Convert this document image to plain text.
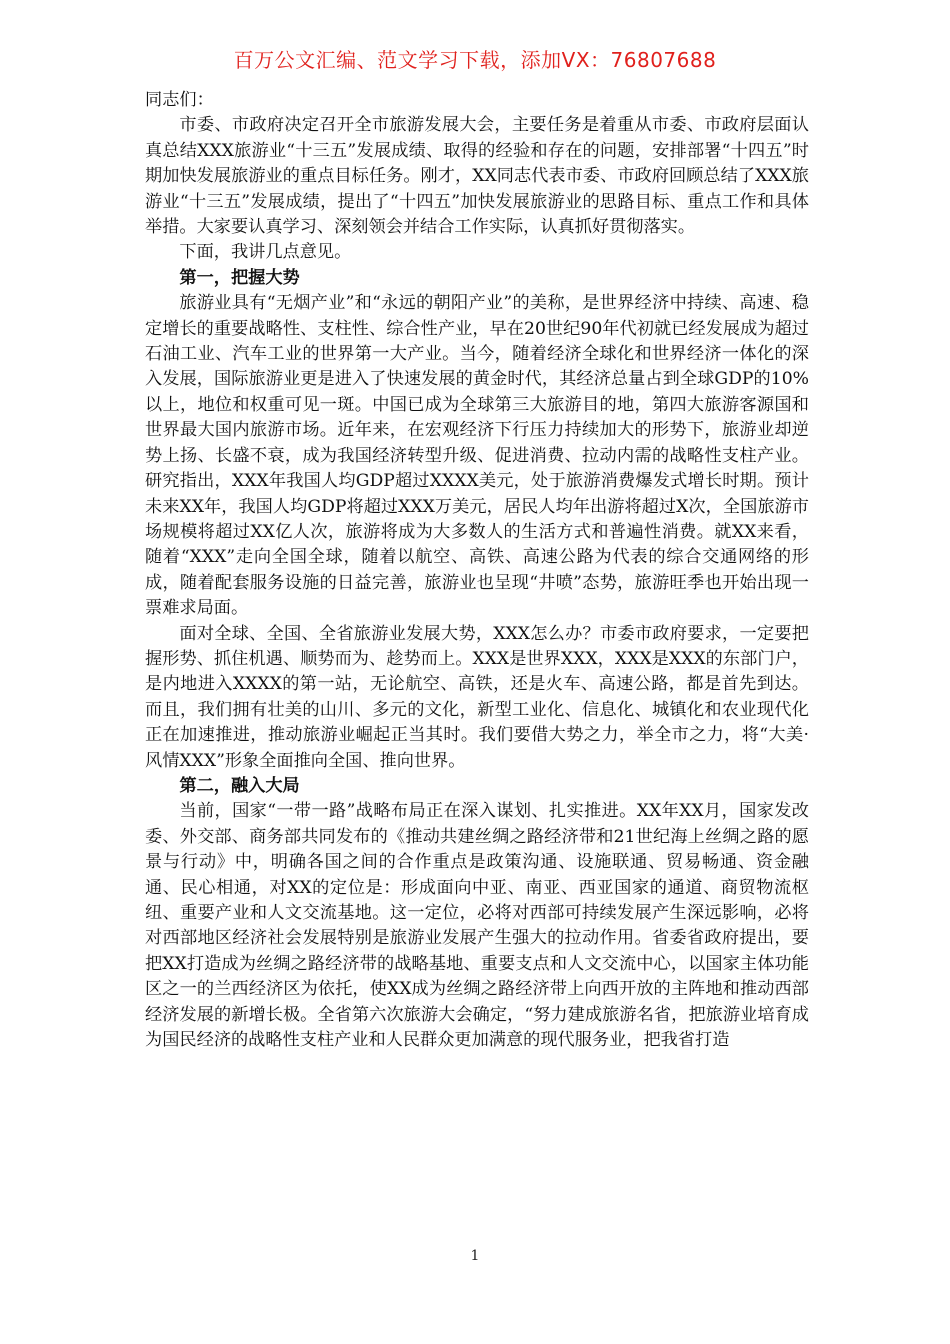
百万公文汇编、范文学习下载，添加VX：76807688

同志们：

市委、市政府决定召开全市旅游发展大会，主要任务是着重从市委、市政府层面认真总结XXX旅游业“十三五”发展成绩、取得的经验和存在的问题，安排部署“十四五”时期加快发展旅游业的重点目标任务。刚才，XX同志代表市委、市政府回顾总结了XXX旅游业“十三五”发展成绩，提出了“十四五”加快发展旅游业的思路目标、重点工作和具体举措。大家要认真学习、深刻领会并结合工作实际，认真抓好贯彻落实。

下面，我讲几点意见。

第一，把握大势

旅游业具有“无烟产业”和“永远的朝阳产业”的美称，是世界经济中持续、高速、稳定增长的重要战略性、支柱性、综合性产业，早在20世纪90年代初就已经发展成为超过石油工业、汽车工业的世界第一大产业。当今，随着经济全球化和世界经济一体化的深入发展，国际旅游业更是进入了快速发展的黄金时代，其经济总量占到全球GDP的10%以上，地位和权重可见一斑。中国已成为全球第三大旅游目的地，第四大旅游客源国和世界最大国内旅游市场。近年来，在宏观经济下行压力持续加大的形势下，旅游业却逆势上扬、长盛不衰，成为我国经济转型升级、促进消费、拉动内需的战略性支柱产业。研究指出，XXX年我国人均GDP超过XXXX美元，处于旅游消费爆发式增长时期。预计未来XX年，我国人均GDP将超过XXX万美元，居民人均年出游将超过X次，全国旅游市场规模将超过XX亿人次，旅游将成为大多数人的生活方式和普遍性消费。就XX来看，随着“XXX”走向全国全球，随着以航空、高铁、高速公路为代表的综合交通网络的形成，随着配套服务设施的日益完善，旅游业也呈现“井喷”态势，旅游旺季也开始出现一票难求局面。

面对全球、全国、全省旅游业发展大势，XXX怎么办？市委市政府要求，一定要把握形势、抓住机遇、顺势而为、趁势而上。XXX是世界XXX，XXX是XXX的东部门户，是内地进入XXXX的第一站，无论航空、高铁，还是火车、高速公路，都是首先到达。而且，我们拥有壮美的山川、多元的文化，新型工业化、信息化、城镇化和农业现代化正在加速推进，推动旅游业崛起正当其时。我们要借大势之力，举全市之力，将“大美·风情XXX”形象全面推向全国、推向世界。

第二，融入大局

当前，国家“一带一路”战略布局正在深入谋划、扎实推进。XX年XX月，国家发改委、外交部、商务部共同发布的《推动共建丝绸之路经济带和21世纪海上丝绸之路的愿景与行动》中，明确各国之间的合作重点是政策沟通、设施联通、贸易畅通、资金融通、民心相通，对XX的定位是：形成面向中亚、南亚、西亚国家的通道、商贸物流枢纽、重要产业和人文交流基地。这一定位，必将对西部可持续发展产生深远影响，必将对西部地区经济社会发展特别是旅游业发展产生强大的拉动作用。省委省政府提出，要把XX打造成为丝绸之路经济带的战略基地、重要支点和人文交流中心，以国家主体功能区之一的兰西经济区为依托，使XX成为丝绸之路经济带上向西开放的主阵地和推动西部经济发展的新增长极。全省第六次旅游大会确定，“努力建成旅游名省，把旅游业培育成为国民经济的战略性支柱产业和人民群众更加满意的现代服务业，把我省打造

1
